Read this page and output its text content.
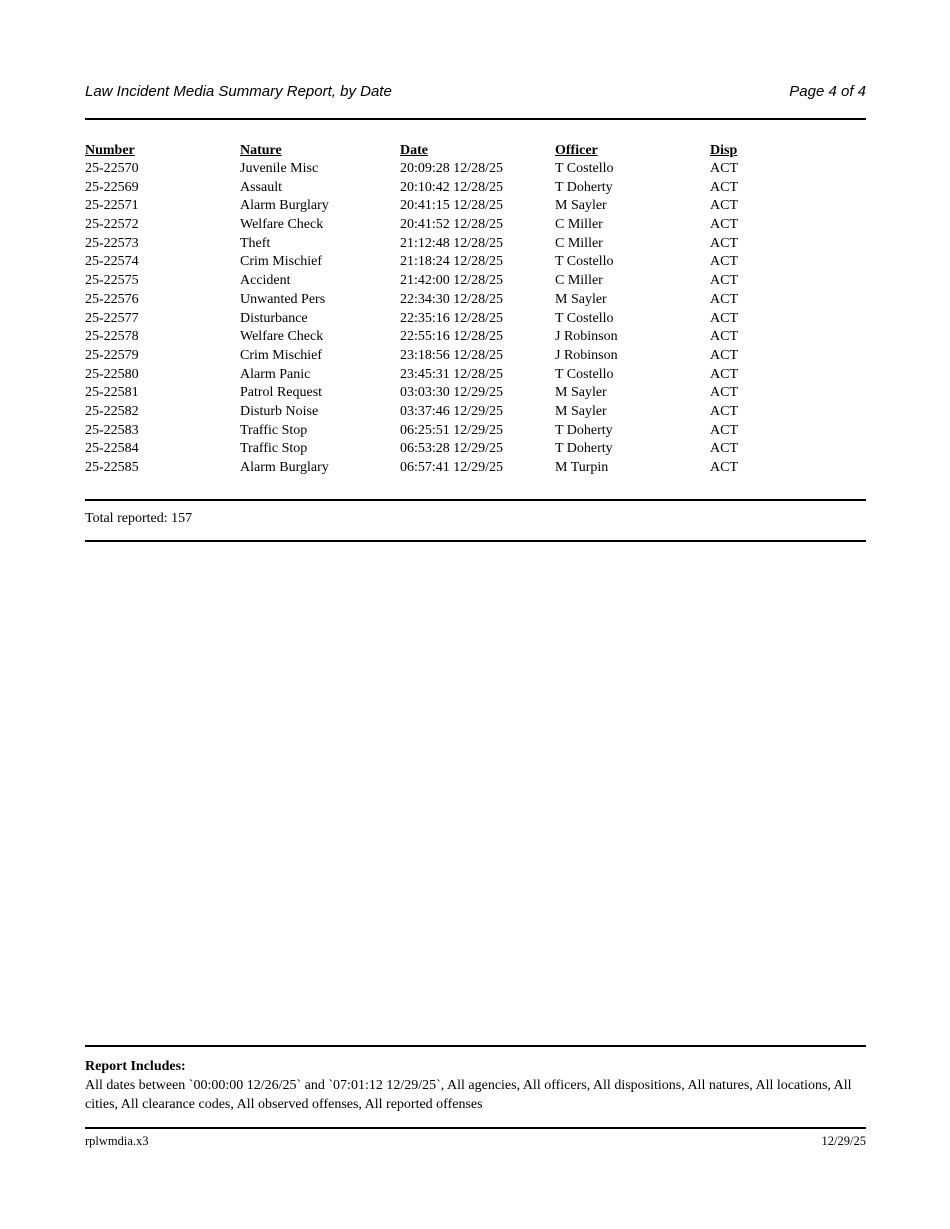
Law Incident Media Summary Report, by Date	Page 4 of 4
Number	Nature	Date	Officer	Disp
25-22570	Juvenile Misc	20:09:28 12/28/25	T Costello	ACT
25-22569	Assault	20:10:42 12/28/25	T Doherty	ACT
25-22571	Alarm Burglary	20:41:15 12/28/25	M Sayler	ACT
25-22572	Welfare Check	20:41:52 12/28/25	C Miller	ACT
25-22573	Theft	21:12:48 12/28/25	C Miller	ACT
25-22574	Crim Mischief	21:18:24 12/28/25	T Costello	ACT
25-22575	Accident	21:42:00 12/28/25	C Miller	ACT
25-22576	Unwanted Pers	22:34:30 12/28/25	M Sayler	ACT
25-22577	Disturbance	22:35:16 12/28/25	T Costello	ACT
25-22578	Welfare Check	22:55:16 12/28/25	J Robinson	ACT
25-22579	Crim Mischief	23:18:56 12/28/25	J Robinson	ACT
25-22580	Alarm Panic	23:45:31 12/28/25	T Costello	ACT
25-22581	Patrol Request	03:03:30 12/29/25	M Sayler	ACT
25-22582	Disturb Noise	03:37:46 12/29/25	M Sayler	ACT
25-22583	Traffic Stop	06:25:51 12/29/25	T Doherty	ACT
25-22584	Traffic Stop	06:53:28 12/29/25	T Doherty	ACT
25-22585	Alarm Burglary	06:57:41 12/29/25	M Turpin	ACT
Total reported: 157
Report Includes:
All dates between `00:00:00 12/26/25` and `07:01:12 12/29/25`, All agencies, All officers, All dispositions, All natures, All locations, All cities, All clearance codes, All observed offenses, All reported offenses
rplwmdia.x3	12/29/25
